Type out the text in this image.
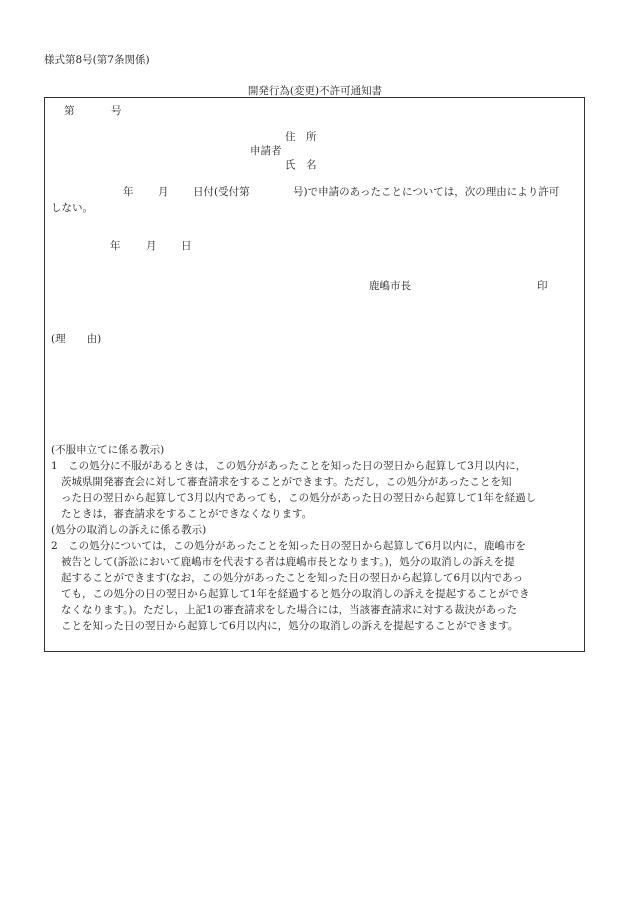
様式第8号(第7条関係)
開発行為(変更)不許可通知書
第	号
住　所
申請者
氏　名
年 月 日付(受付第	号)で申請のあったことについては，次の理由により許可
しない。
年 月 日
鹿嶋市長	印
(理　　由)
(不服申立てに係る教示)
1　この処分に不服があるときは，この処分があったことを知った日の翌日から起算して3月以内に，
茨城県開発審査会に対して審査請求をすることができます。ただし，この処分があったことを知
った日の翌日から起算して3月以内であっても，この処分があった日の翌日から起算して1年を経過し
たときは，審査請求をすることができなくなります。
(処分の取消しの訴えに係る教示)
2　この処分については，この処分があったことを知った日の翌日から起算して6月以内に，鹿嶋市を
被告として(訴訟において鹿嶋市を代表する者は鹿嶋市長となります。)，処分の取消しの訴えを提
起することができます(なお，この処分があったことを知った日の翌日から起算して6月以内であっ
ても，この処分の日の翌日から起算して1年を経過すると処分の取消しの訴えを提起することができ
なくなります。)。ただし，上記1の審査請求をした場合には，当該審査請求に対する裁決があった
ことを知った日の翌日から起算して6月以内に，処分の取消しの訴えを提起することができます。
